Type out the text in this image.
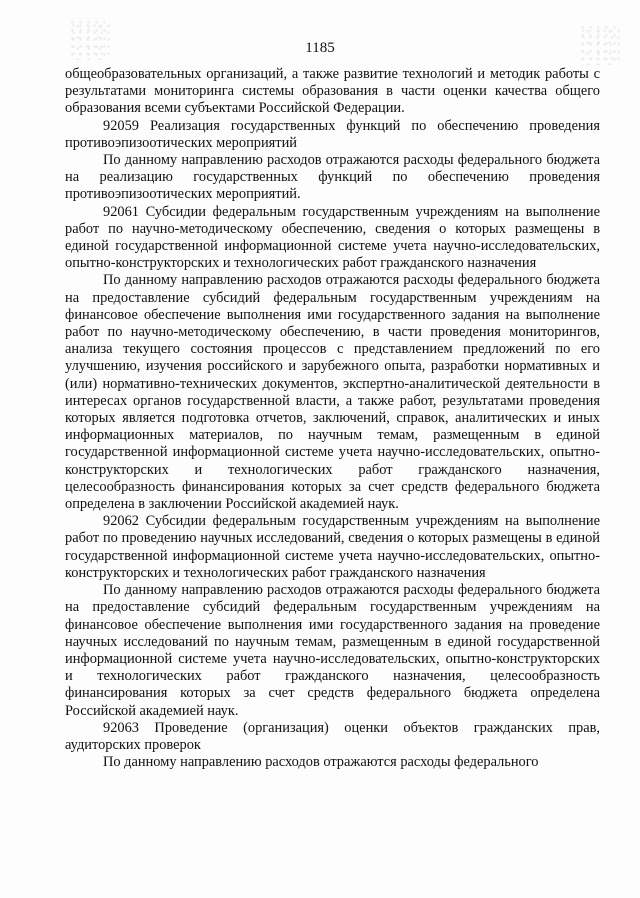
1185

общеобразовательных организаций, а также развитие технологий и методик работы с результатами мониторинга системы образования в части оценки качества общего образования всеми субъектами Российской Федерации.

92059 Реализация государственных функций по обеспечению проведения противоэпизоотических мероприятий

По данному направлению расходов отражаются расходы федерального бюджета на реализацию государственных функций по обеспечению проведения противоэпизоотических мероприятий.

92061 Субсидии федеральным государственным учреждениям на выполнение работ по научно-методическому обеспечению, сведения о которых размещены в единой государственной информационной системе учета научно-исследовательских, опытно-конструкторских и технологических работ гражданского назначения

По данному направлению расходов отражаются расходы федерального бюджета на предоставление субсидий федеральным государственным учреждениям на финансовое обеспечение выполнения ими государственного задания на выполнение работ по научно-методическому обеспечению, в части проведения мониторингов, анализа текущего состояния процессов с представлением предложений по его улучшению, изучения российского и зарубежного опыта, разработки нормативных и (или) нормативно-технических документов, экспертно-аналитической деятельности в интересах органов государственной власти, а также работ, результатами проведения которых является подготовка отчетов, заключений, справок, аналитических и иных информационных материалов, по научным темам, размещенным в единой государственной информационной системе учета научно-исследовательских, опытно-конструкторских и технологических работ гражданского назначения, целесообразность финансирования которых за счет средств федерального бюджета определена в заключении Российской академией наук.

92062 Субсидии федеральным государственным учреждениям на выполнение работ по проведению научных исследований, сведения о которых размещены в единой государственной информационной системе учета научно-исследовательских, опытно-конструкторских и технологических работ гражданского назначения

По данному направлению расходов отражаются расходы федерального бюджета на предоставление субсидий федеральным государственным учреждениям на финансовое обеспечение выполнения ими государственного задания на проведение научных исследований по научным темам, размещенным в единой государственной информационной системе учета научно-исследовательских, опытно-конструкторских и технологических работ гражданского назначения, целесообразность финансирования которых за счет средств федерального бюджета определена Российской академией наук.

92063 Проведение (организация) оценки объектов гражданских прав, аудиторских проверок

По данному направлению расходов отражаются расходы федерального
